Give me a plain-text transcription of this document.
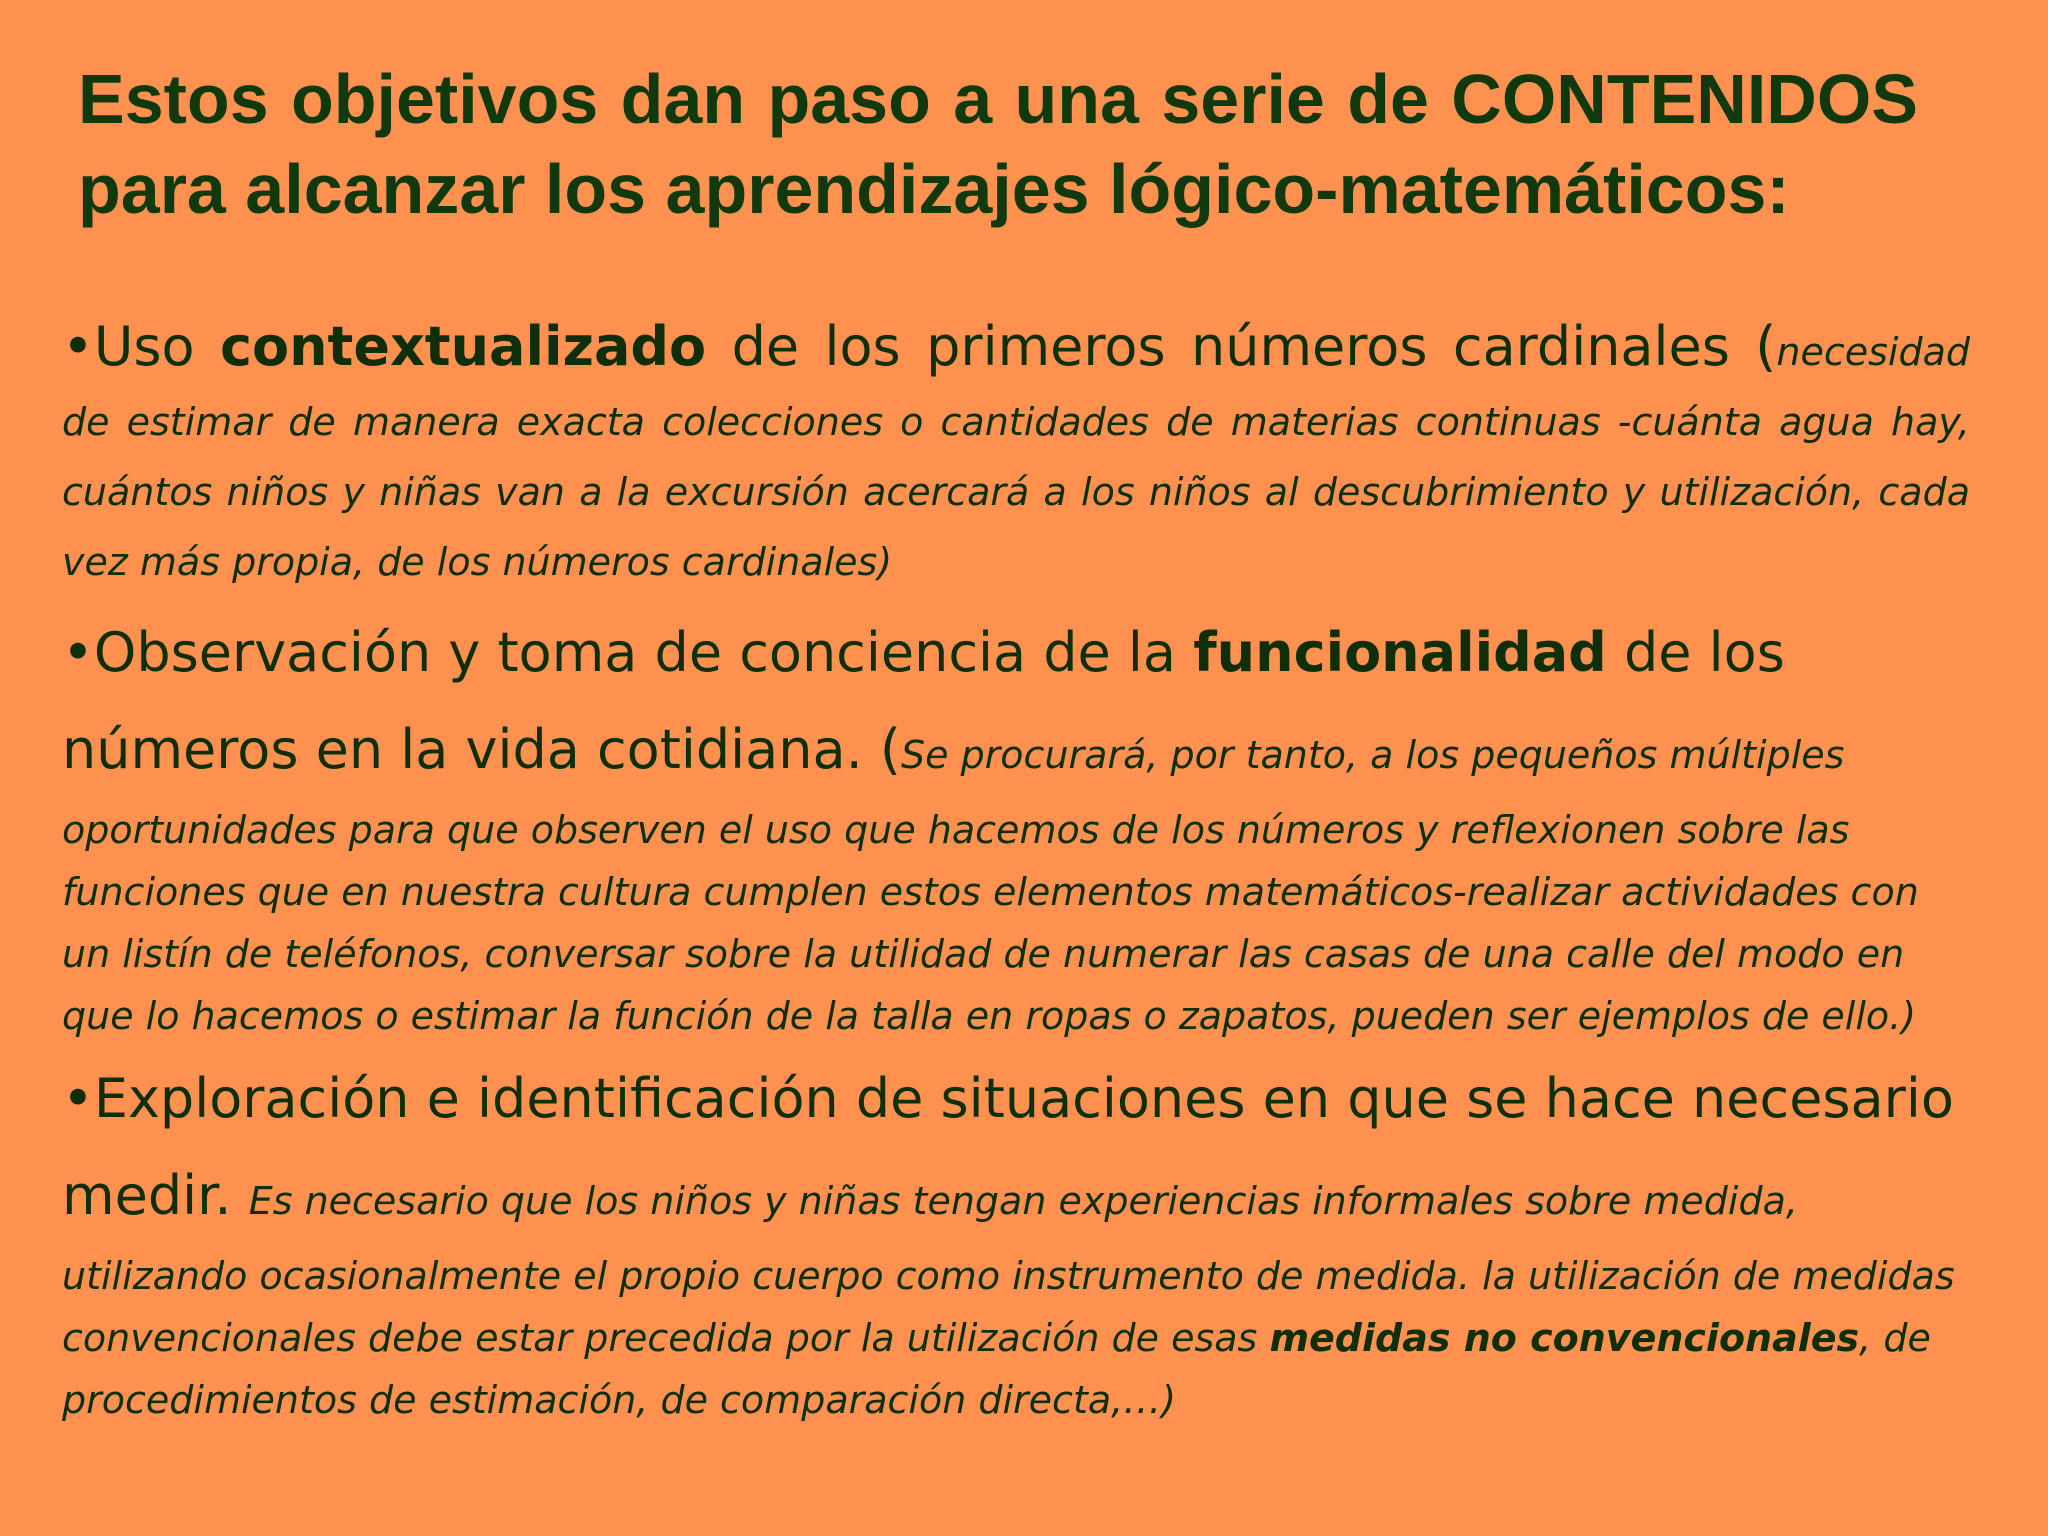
Estos objetivos dan paso a una serie de CONTENIDOS para alcanzar los aprendizajes lógico-matemáticos:

•Uso contextualizado de los primeros números cardinales (necesidad de estimar de manera exacta colecciones o cantidades de materias continuas -cuánta agua hay, cuántos niños y niñas van a la excursión acercará a los niños al descubrimiento y utilización, cada vez más propia, de los números cardinales)

•Observación y toma de conciencia de la funcionalidad de los números en la vida cotidiana. (Se procurará, por tanto, a los pequeños múltiples
oportunidades para que observen el uso que hacemos de los números y reflexionen sobre las funciones que en nuestra cultura cumplen estos elementos matemáticos-realizar actividades con un listín de teléfonos, conversar sobre la utilidad de numerar las casas de una calle del modo en que lo hacemos o estimar la función de la talla en ropas o zapatos, pueden ser ejemplos de ello.)

•Exploración e identificación de situaciones en que se hace necesario medir. Es necesario que los niños y niñas tengan experiencias informales sobre medida,
utilizando ocasionalmente el propio cuerpo como instrumento de medida. la utilización de medidas convencionales debe estar precedida por la utilización de esas medidas no convencionales, de procedimientos de estimación, de comparación directa,…)
